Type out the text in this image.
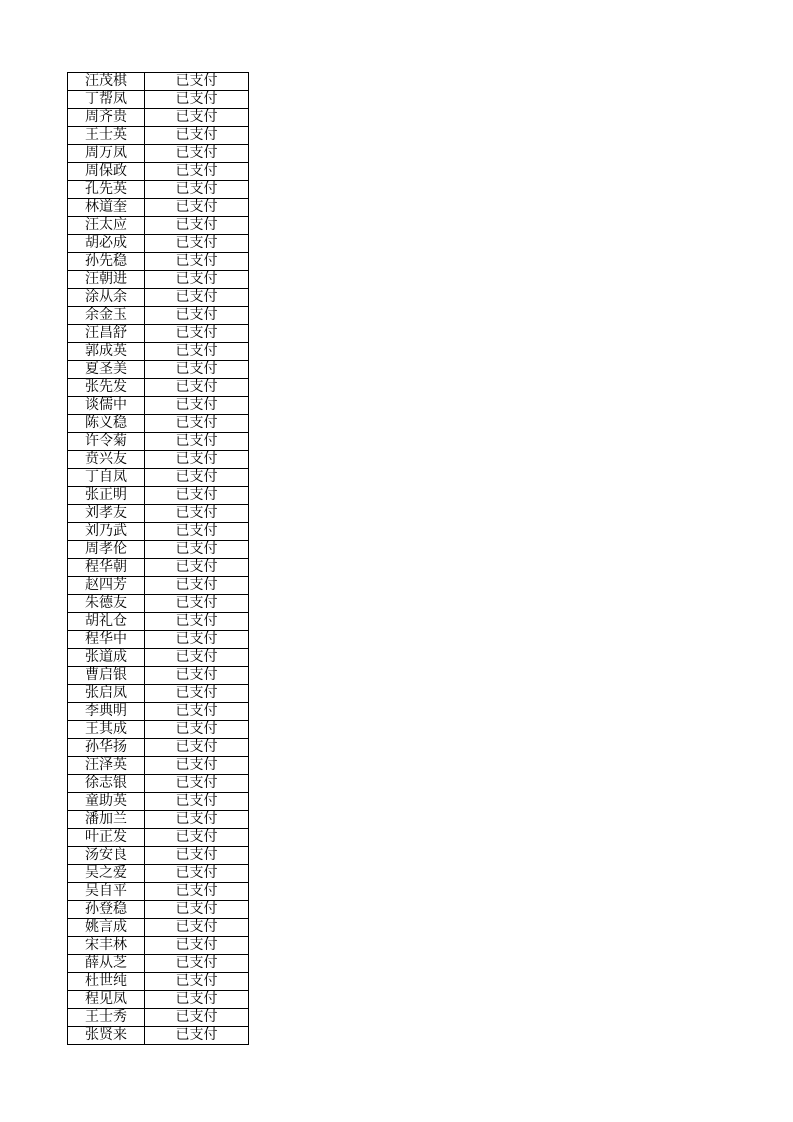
汪茂棋	已支付
丁帮凤	已支付
周齐贵	已支付
王士英	已支付
周万凤	已支付
周保政	已支付
孔先英	已支付
林道奎	已支付
汪太应	已支付
胡必成	已支付
孙先稳	已支付
汪朝进	已支付
涂从余	已支付
余金玉	已支付
汪昌舒	已支付
郭成英	已支付
夏圣美	已支付
张先发	已支付
谈儒中	已支付
陈义稳	已支付
许令菊	已支付
贲兴友	已支付
丁自凤	已支付
张正明	已支付
刘孝友	已支付
刘乃武	已支付
周孝伦	已支付
程华朝	已支付
赵四芳	已支付
朱德友	已支付
胡礼仓	已支付
程华中	已支付
张道成	已支付
曹启银	已支付
张启凤	已支付
李典明	已支付
王其成	已支付
孙华扬	已支付
汪泽英	已支付
徐志银	已支付
童助英	已支付
潘加兰	已支付
叶正发	已支付
汤安良	已支付
吴之爱	已支付
吴自平	已支付
孙登稳	已支付
姚言成	已支付
宋丰林	已支付
薛从芝	已支付
杜世纯	已支付
程见凤	已支付
王士秀	已支付
张贤来	已支付
